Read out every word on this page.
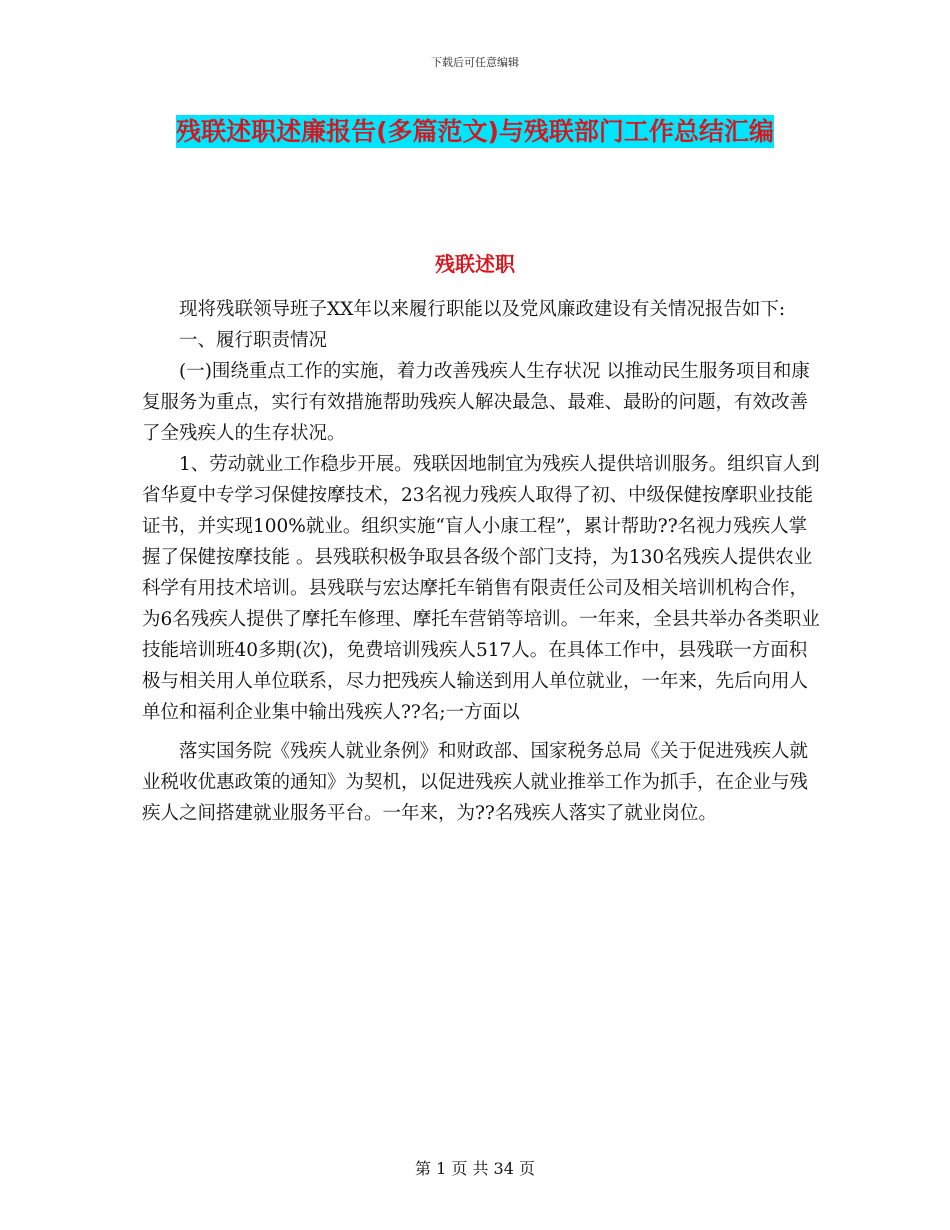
下载后可任意编辑
残联述职述廉报告(多篇范文)与残联部门工作总结汇编
残联述职

现将残联领导班子XX年以来履行职能以及党风廉政建设有关情况报告如下:

一、履行职责情况

(一)围绕重点工作的实施，着力改善残疾人生存状况 以推动民生服务项目和康复服务为重点，实行有效措施帮助残疾人解决最急、最难、最盼的问题，有效改善了全残疾人的生存状况。

1、劳动就业工作稳步开展。残联因地制宜为残疾人提供培训服务。组织盲人到省华夏中专学习保健按摩技术，23名视力残疾人取得了初、中级保健按摩职业技能证书，并实现100%就业。组织实施“盲人小康工程”，累计帮助??名视力残疾人掌握了保健按摩技能 。县残联积极争取县各级个部门支持，为130名残疾人提供农业科学有用技术培训。县残联与宏达摩托车销售有限责任公司及相关培训机构合作，为6名残疾人提供了摩托车修理、摩托车营销等培训。一年来，全县共举办各类职业技能培训班40多期(次)，免费培训残疾人517人。在具体工作中，县残联一方面积极与相关用人单位联系，尽力把残疾人输送到用人单位就业，一年来，先后向用人单位和福利企业集中输出残疾人??名;一方面以

落实国务院《残疾人就业条例》和财政部、国家税务总局《关于促进残疾人就业税收优惠政策的通知》为契机，以促进残疾人就业推举工作为抓手，在企业与残疾人之间搭建就业服务平台。一年来，为??名残疾人落实了就业岗位。

第 1 页 共 34 页
